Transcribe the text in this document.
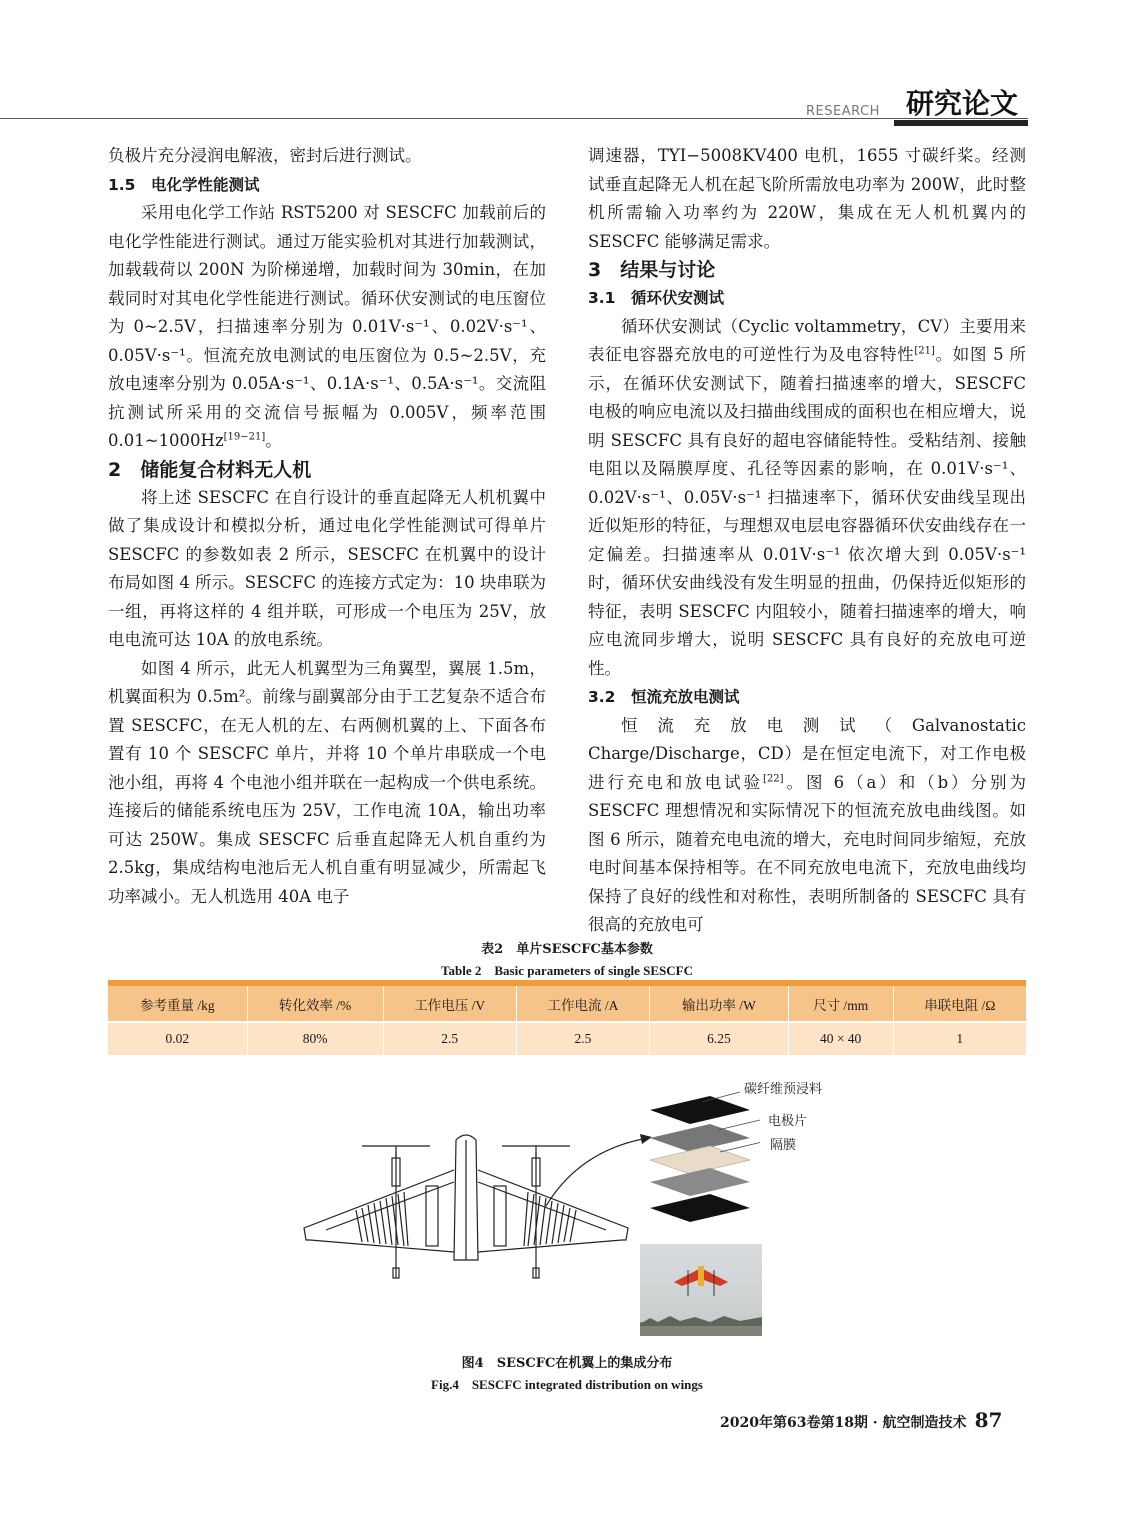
RESEARCH 研究论文

负极片充分浸润电解液，密封后进行测试。

1.5　电化学性能测试

采用电化学工作站 RST5200 对 SESCFC 加载前后的电化学性能进行测试。通过万能实验机对其进行加载测试，加载载荷以 200N 为阶梯递增，加载时间为 30min，在加载同时对其电化学性能进行测试。循环伏安测试的电压窗位为 0~2.5V，扫描速率分别为 0.01V·s⁻¹、0.02V·s⁻¹、0.05V·s⁻¹。恒流充放电测试的电压窗位为 0.5~2.5V，充放电速率分别为 0.05A·s⁻¹、0.1A·s⁻¹、0.5A·s⁻¹。交流阻抗测试所采用的交流信号振幅为 0.005V，频率范围 0.01~1000Hz[19−21]。

2　储能复合材料无人机

将上述 SESCFC 在自行设计的垂直起降无人机机翼中做了集成设计和模拟分析，通过电化学性能测试可得单片 SESCFC 的参数如表 2 所示，SESCFC 在机翼中的设计布局如图 4 所示。SESCFC 的连接方式定为：10 块串联为一组，再将这样的 4 组并联，可形成一个电压为 25V，放电电流可达 10A 的放电系统。

如图 4 所示，此无人机翼型为三角翼型，翼展 1.5m，机翼面积为 0.5m²。前缘与副翼部分由于工艺复杂不适合布置 SESCFC，在无人机的左、右两侧机翼的上、下面各布置有 10 个 SESCFC 单片，并将 10 个单片串联成一个电池小组，再将 4 个电池小组并联在一起构成一个供电系统。连接后的储能系统电压为 25V，工作电流 10A，输出功率可达 250W。集成 SESCFC 后垂直起降无人机自重约为 2.5kg，集成结构电池后无人机自重有明显减少，所需起飞功率减小。无人机选用 40A 电子

调速器，TYI−5008KV400 电机，1655 寸碳纤桨。经测试垂直起降无人机在起飞阶所需放电功率为 200W，此时整机所需输入功率约为 220W，集成在无人机机翼内的 SESCFC 能够满足需求。

3　结果与讨论

3.1　循环伏安测试

循环伏安测试（Cyclic voltammetry，CV）主要用来表征电容器充放电的可逆性行为及电容特性[21]。如图 5 所示，在循环伏安测试下，随着扫描速率的增大，SESCFC 电极的响应电流以及扫描曲线围成的面积也在相应增大，说明 SESCFC 具有良好的超电容储能特性。受粘结剂、接触电阻以及隔膜厚度、孔径等因素的影响，在 0.01V·s⁻¹、0.02V·s⁻¹、0.05V·s⁻¹ 扫描速率下，循环伏安曲线呈现出近似矩形的特征，与理想双电层电容器循环伏安曲线存在一定偏差。扫描速率从 0.01V·s⁻¹ 依次增大到 0.05V·s⁻¹ 时，循环伏安曲线没有发生明显的扭曲，仍保持近似矩形的特征，表明 SESCFC 内阻较小，随着扫描速率的增大，响应电流同步增大，说明 SESCFC 具有良好的充放电可逆性。

3.2　恒流充放电测试

恒流充放电测试（Galvanostatic Charge/Discharge，CD）是在恒定电流下，对工作电极进行充电和放电试验[22]。图 6（a）和（b）分别为 SESCFC 理想情况和实际情况下的恒流充放电曲线图。如图 6 所示，随着充电电流的增大，充电时间同步缩短，充放电时间基本保持相等。在不同充放电电流下，充放电曲线均保持了良好的线性和对称性，表明所制备的 SESCFC 具有很高的充放电可

表2　单片SESCFC基本参数
Table 2　Basic parameters of single SESCFC
参考重量 /kg	转化效率 /%	工作电压 /V	工作电流 /A	输出功率 /W	尺寸 /mm	串联电阻 /Ω
0.02	80%	2.5	2.5	6.25	40 × 40	1
碳纤维预浸料
电极片
隔膜
图4　SESCFC在机翼上的集成分布
Fig.4　SESCFC integrated distribution on wings
2020年第63卷第18期 · 航空制造技术 87
